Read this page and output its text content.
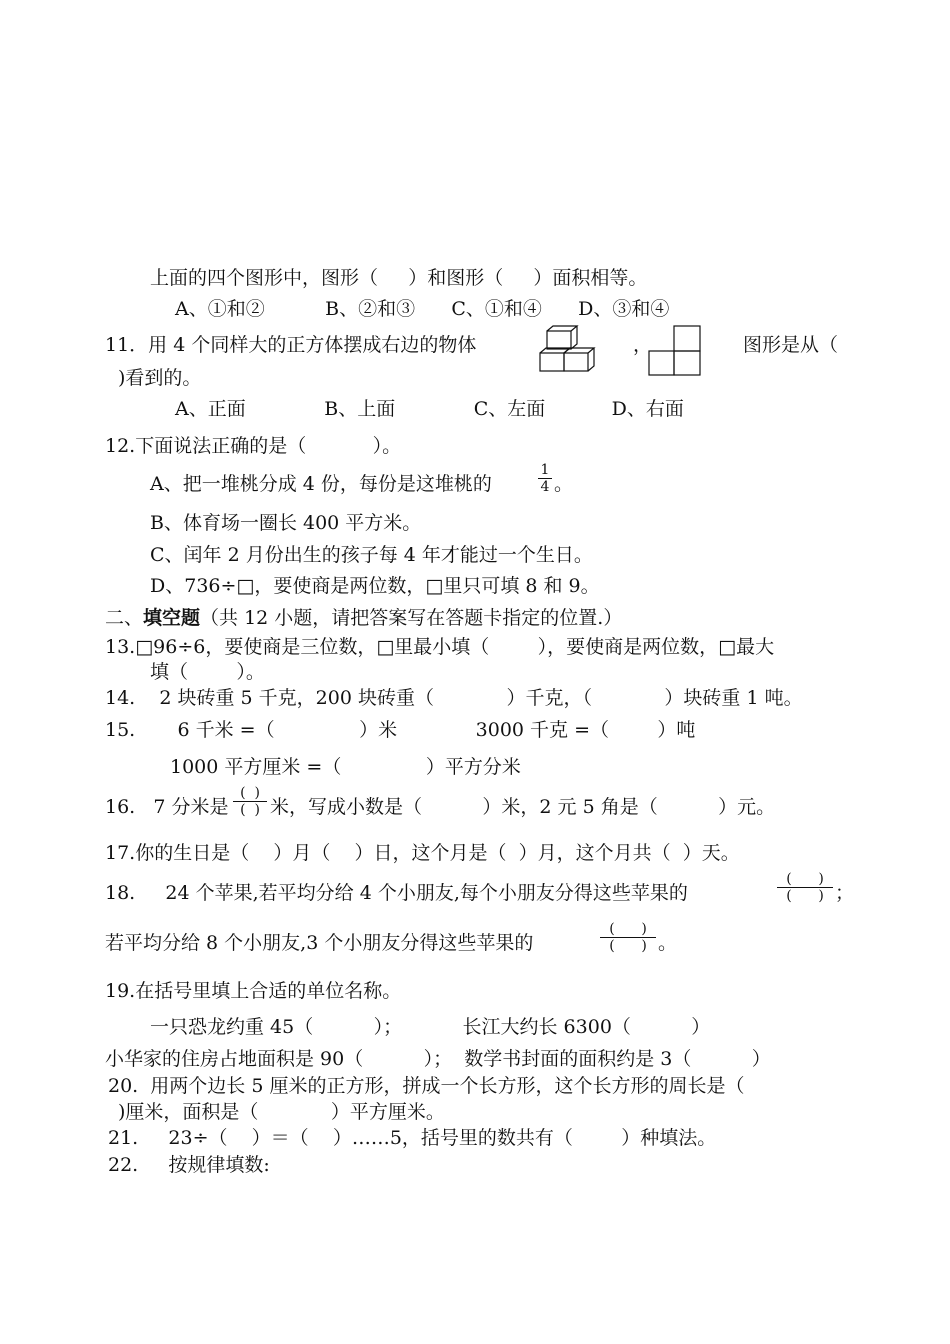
上面的四个图形中，图形（     ）和图形（     ）面积相等。
A、①和②          B、②和③      C、①和④      D、③和④
11．用 4 个同样大的正方体摆成右边的物体	，	图形是从（
)看到的。
A、正面             B、上面             C、左面           D、右面
12.下面说法正确的是（           ）。
A、把一堆桃分成 4 份，每份是这堆桃的
1
4 。
B、体育场一圈长 400 平方米。
C、闰年 2 月份出生的孩子每 4 年才能过一个生日。
D、736÷□，要使商是两位数，□里只可填 8 和 9。
二、填空题（共 12 小题，请把答案写在答题卡指定的位置.）
13.□96÷6，要使商是三位数，□里最小填（        ），要使商是两位数，□最大
填（        ）。
14.    2 块砖重 5 千克，200 块砖重（            ）千克，（            ）块砖重 1 吨。
15.       6 千米 =（              ）米             3000 千克 =（        ）吨
1000 平方厘米 =（              ）平方分米
16.   7 分米是
(  )
(  ) 米，写成小数是（          ）米，2 元 5 角是（          ）元。
17.你的生日是（    ）月（    ）日，这个月是（  ）月，这个月共（  ）天。
18.     24 个苹果,若平均分给 4 个小朋友,每个小朋友分得这些苹果的
(      )
(      ) ；
若平均分给 8 个小朋友,3 个小朋友分得这些苹果的
(      )
(      ) 。
19.在括号里填上合适的单位名称。
一只恐龙约重 45（          ）；          长江大约长 6300（          ）
小华家的住房占地面积是 90（          ）；  数学书封面的面积约是 3（          ）
20.  用两个边长 5 厘米的正方形，拼成一个长方形，这个长方形的周长是（
)厘米，面积是（            ）平方厘米。
21.     23÷（    ）＝（    ）……5，括号里的数共有（        ）种填法。
22.     按规律填数:
